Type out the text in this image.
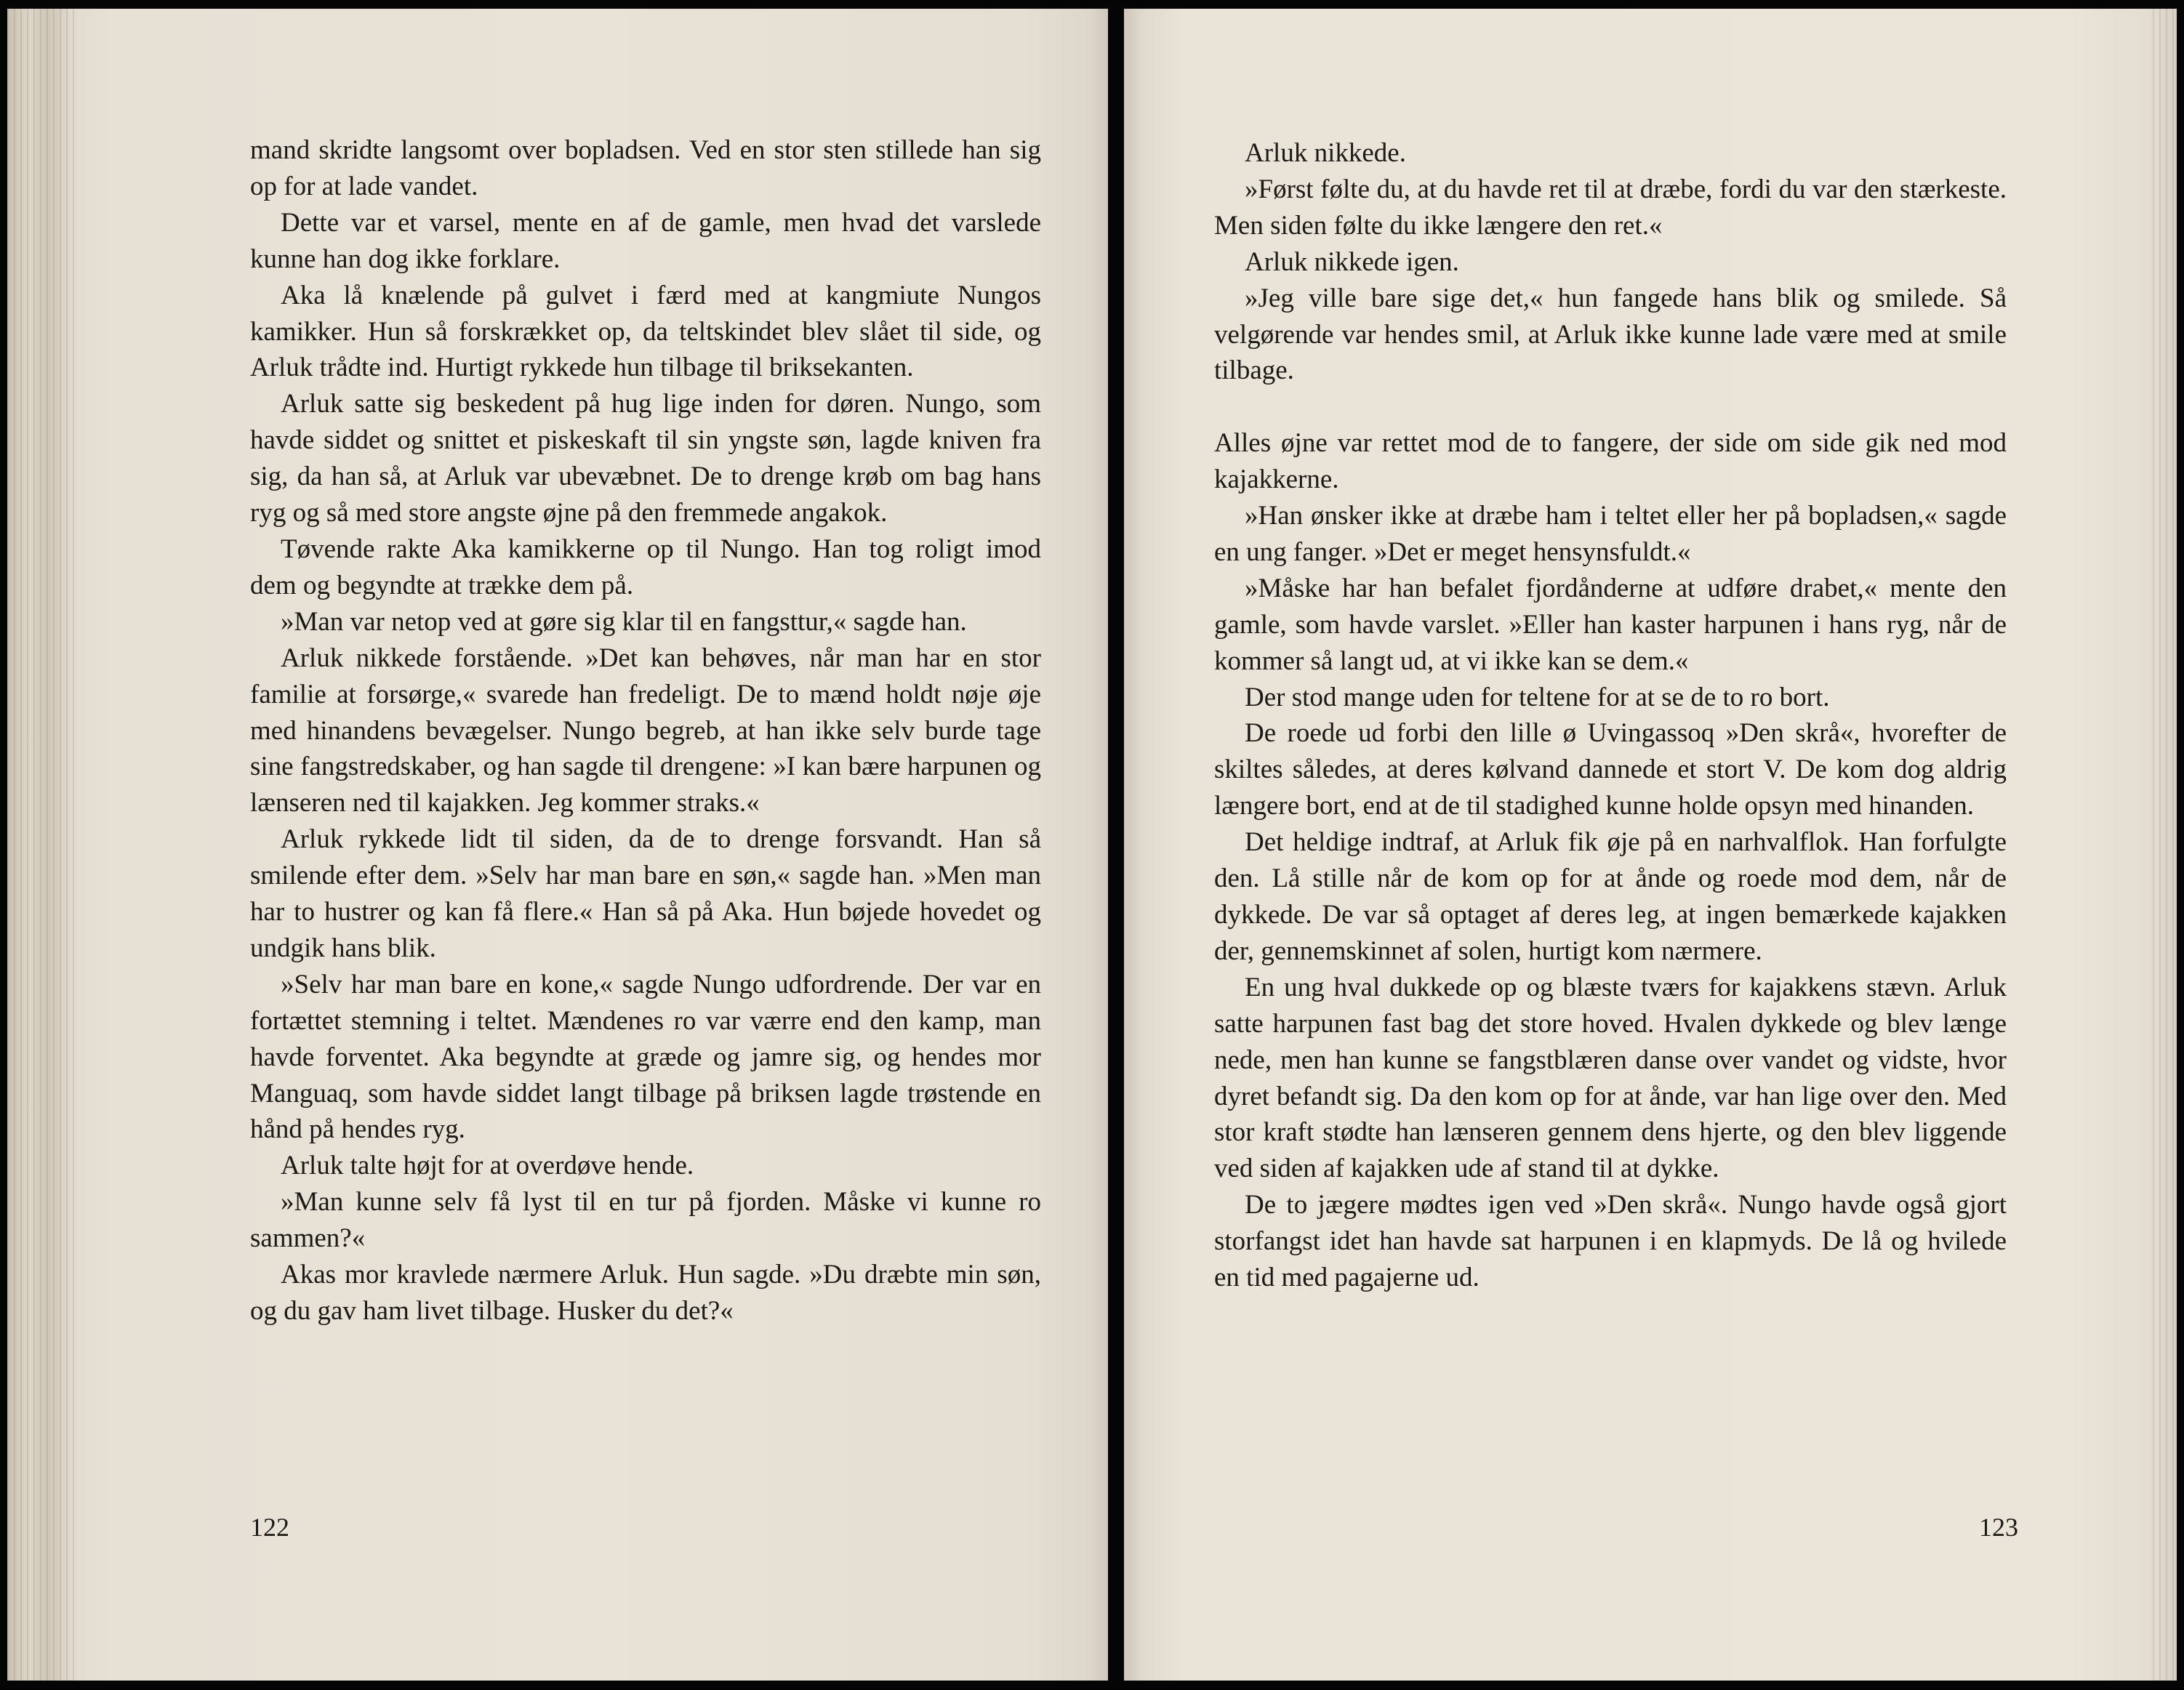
mand skridte langsomt over bopladsen. Ved en stor sten stillede han sig op for at lade vandet.

Dette var et varsel, mente en af de gamle, men hvad det varslede kunne han dog ikke forklare.

Aka lå knælende på gulvet i færd med at kangmiute Nungos kamikker. Hun så forskrækket op, da teltskindet blev slået til side, og Arluk trådte ind. Hurtigt rykkede hun tilbage til briksekanten.

Arluk satte sig beskedent på hug lige inden for døren. Nungo, som havde siddet og snittet et piskeskaft til sin yngste søn, lagde kniven fra sig, da han så, at Arluk var ubevæbnet. De to drenge krøb om bag hans ryg og så med store angste øjne på den fremmede angakok.

Tøvende rakte Aka kamikkerne op til Nungo. Han tog roligt imod dem og begyndte at trække dem på.

»Man var netop ved at gøre sig klar til en fangsttur,« sagde han.

Arluk nikkede forstående. »Det kan behøves, når man har en stor familie at forsørge,« svarede han fredeligt. De to mænd holdt nøje øje med hinandens bevægelser. Nungo begreb, at han ikke selv burde tage sine fangstredskaber, og han sagde til drengene: »I kan bære harpunen og lænseren ned til kajakken. Jeg kommer straks.«

Arluk rykkede lidt til siden, da de to drenge forsvandt. Han så smilende efter dem. »Selv har man bare en søn,« sagde han. »Men man har to hustrer og kan få flere.« Han så på Aka. Hun bøjede hovedet og undgik hans blik.

»Selv har man bare en kone,« sagde Nungo udfordrende. Der var en fortættet stemning i teltet. Mændenes ro var værre end den kamp, man havde forventet. Aka begyndte at græde og jamre sig, og hendes mor Manguaq, som havde siddet langt tilbage på briksen lagde trøstende en hånd på hendes ryg.

Arluk talte højt for at overdøve hende.

»Man kunne selv få lyst til en tur på fjorden. Måske vi kunne ro sammen?«

Akas mor kravlede nærmere Arluk. Hun sagde. »Du dræbte min søn, og du gav ham livet tilbage. Husker du det?«

122

Arluk nikkede.

»Først følte du, at du havde ret til at dræbe, fordi du var den stærkeste. Men siden følte du ikke længere den ret.«

Arluk nikkede igen.

»Jeg ville bare sige det,« hun fangede hans blik og smilede. Så velgørende var hendes smil, at Arluk ikke kunne lade være med at smile tilbage.

Alles øjne var rettet mod de to fangere, der side om side gik ned mod kajakkerne.

»Han ønsker ikke at dræbe ham i teltet eller her på bopladsen,« sagde en ung fanger. »Det er meget hensynsfuldt.«

»Måske har han befalet fjordånderne at udføre drabet,« mente den gamle, som havde varslet. »Eller han kaster harpunen i hans ryg, når de kommer så langt ud, at vi ikke kan se dem.«

Der stod mange uden for teltene for at se de to ro bort.

De roede ud forbi den lille ø Uvingassoq »Den skrå«, hvorefter de skiltes således, at deres kølvand dannede et stort V. De kom dog aldrig længere bort, end at de til stadighed kunne holde opsyn med hinanden.

Det heldige indtraf, at Arluk fik øje på en narhvalflok. Han forfulgte den. Lå stille når de kom op for at ånde og roede mod dem, når de dykkede. De var så optaget af deres leg, at ingen bemærkede kajakken der, gennemskinnet af solen, hurtigt kom nærmere.

En ung hval dukkede op og blæste tværs for kajakkens stævn. Arluk satte harpunen fast bag det store hoved. Hvalen dykkede og blev længe nede, men han kunne se fangstblæren danse over vandet og vidste, hvor dyret befandt sig. Da den kom op for at ånde, var han lige over den. Med stor kraft stødte han lænseren gennem dens hjerte, og den blev liggende ved siden af kajakken ude af stand til at dykke.

De to jægere mødtes igen ved »Den skrå«. Nungo havde også gjort storfangst idet han havde sat harpunen i en klapmyds. De lå og hvilede en tid med pagajerne ud.

123
